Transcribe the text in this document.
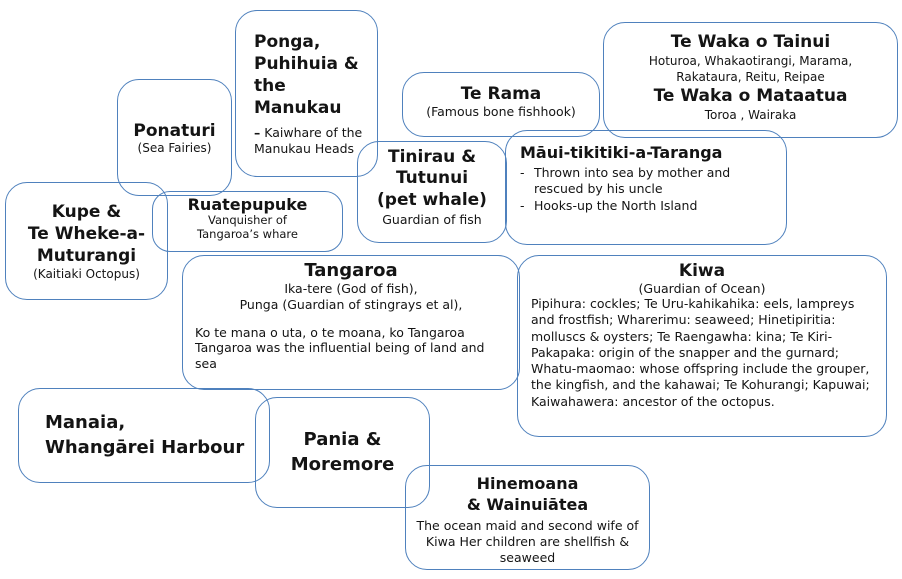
Ponga,
Puhihuia &
the
Manukau
– Kaiwhare of the Manukau Heads
Te Waka o Tainui
Hoturoa, Whakaotirangi, Marama,
Rakataura, Reitu, Reipae
Te Waka o Mataatua
Toroa , Wairaka
Te Rama
(Famous bone fishhook)
Ponaturi
(Sea Fairies)	Māui-tikitiki-a-Taranga
- Thrown into sea by mother and rescued by his uncle
- Hooks-up the North Island
Tinirau &
Tutunui
(pet whale)
Guardian of fish
Kupe &
Te Wheke-a-
Muturangi
(Kaitiaki Octopus)
Ruatepupuke
Vanquisher of
Tangaroa’s whare
Tangaroa
Ika-tere (God of fish),
Punga (Guardian of stingrays et al),
Ko te mana o uta, o te moana, ko Tangaroa
Tangaroa was the influential being of land and sea
Kiwa
(Guardian of Ocean)
Pipihura: cockles; Te Uru-kahikahika: eels, lampreys and frostfish; Wharerimu: seaweed; Hinetipiritia: molluscs & oysters; Te Raengawha: kina; Te Kiri-Pakapaka: origin of the snapper and the gurnard; Whatu-maomao: whose offspring include the grouper, the kingfish, and the kahawai; Te Kohurangi; Kapuwai; Kaiwahawera: ancestor of the octopus.
Manaia,
Whangārei Harbour	Pania &
Moremore
Hinemoana
& Wainuiātea
The ocean maid and second wife of Kiwa Her children are shellfish & seaweed
